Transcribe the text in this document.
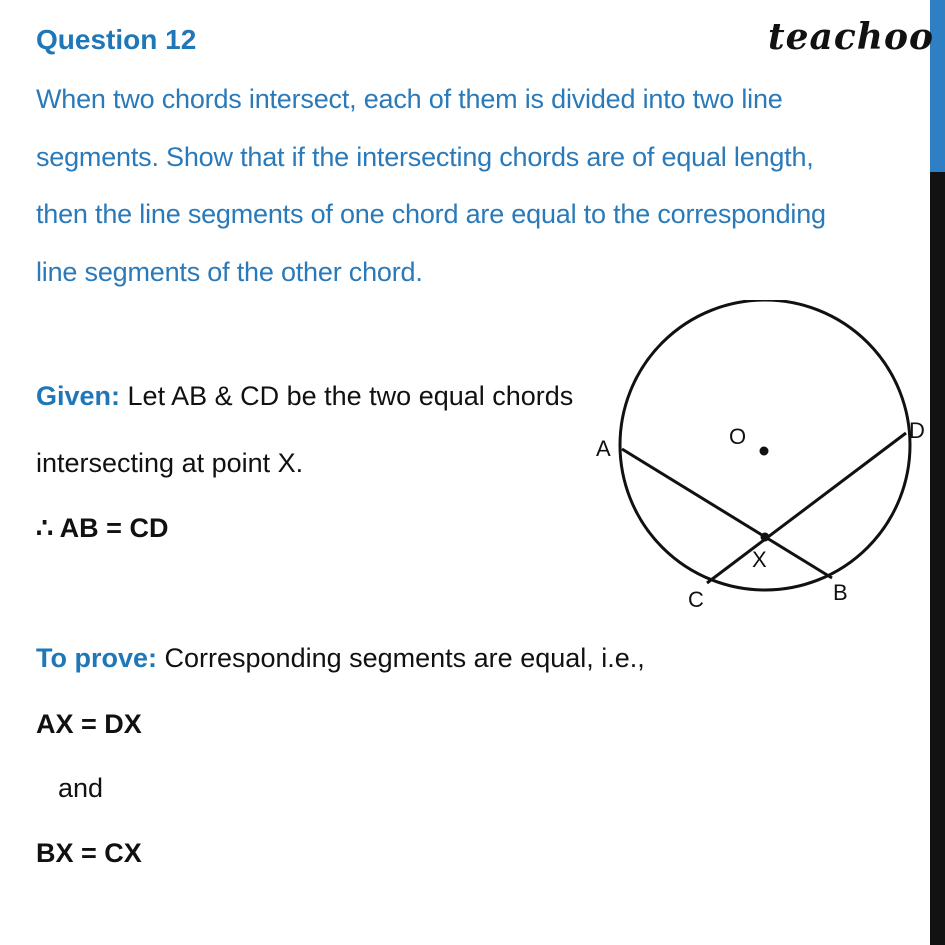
Question 12	teachoo
When two chords intersect, each of them is divided into two line
segments. Show that if the intersecting chords are of equal length,
then the line segments of one chord are equal to the corresponding
line segments of the other chord.
Given: Let AB & CD be the two equal chords
intersecting at point X.
∴ AB = CD
To prove: Corresponding segments are equal, i.e.,
AX = DX
and
BX = CX
O
A
D
X
C	B
